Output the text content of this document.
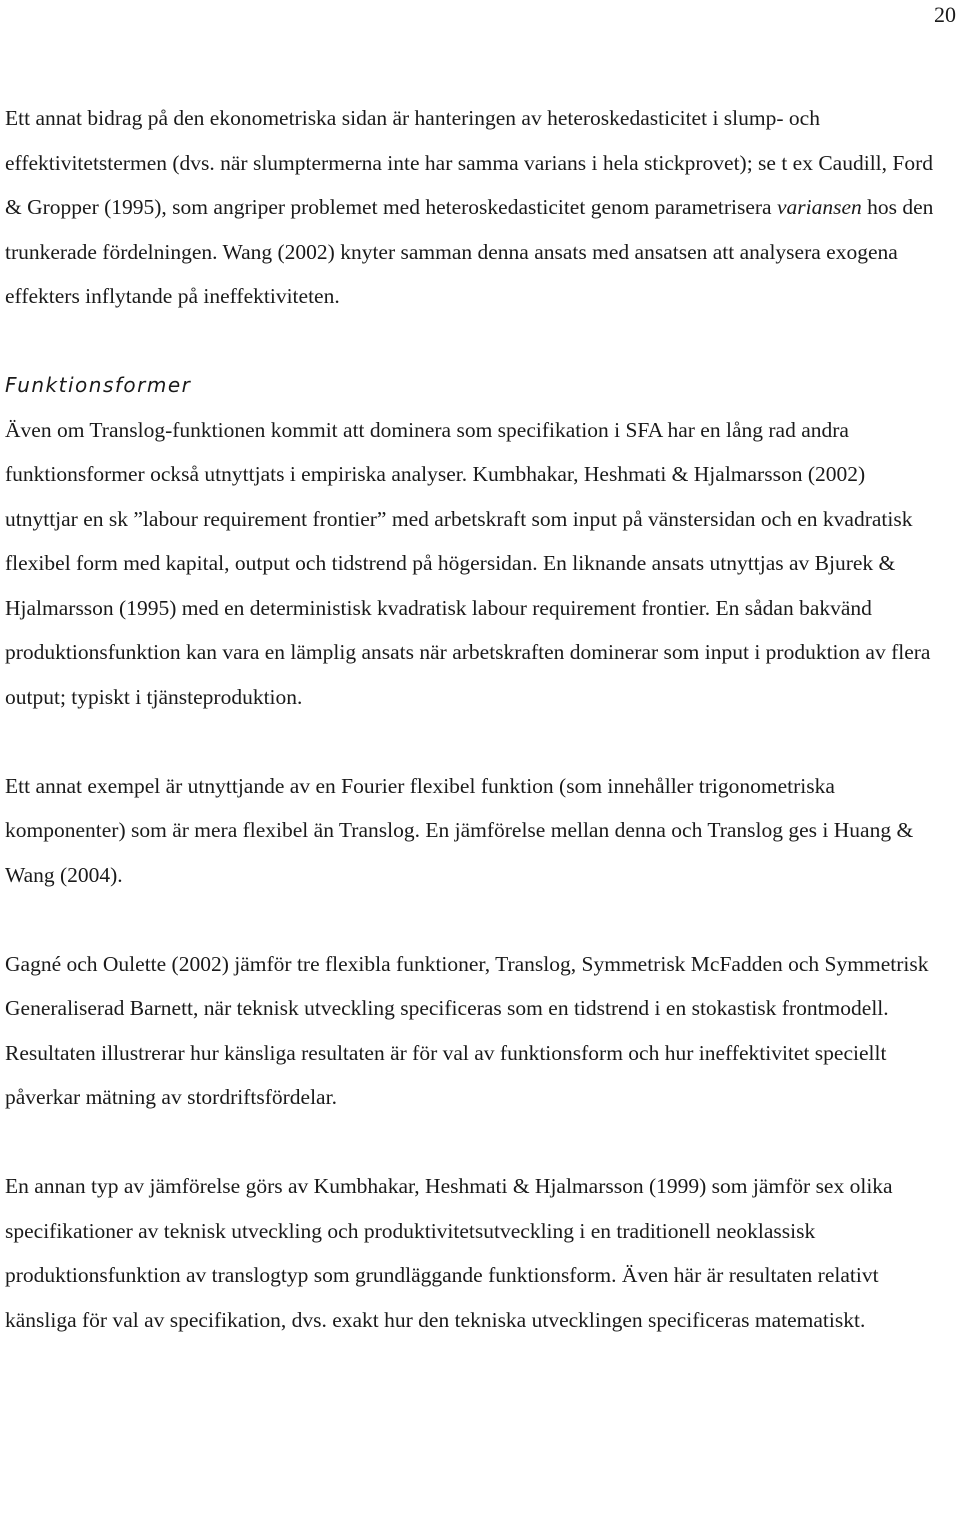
20

Ett annat bidrag på den ekonometriska sidan är hanteringen av heteroskedasticitet i slump- och effektivitetstermen (dvs. när slumptermerna inte har samma varians i hela stickprovet); se t ex Caudill, Ford & Gropper (1995), som angriper problemet med heteroskedasticitet genom parametrisera variansen hos den trunkerade fördelningen. Wang (2002) knyter samman denna ansats med ansatsen att analysera exogena effekters inflytande på ineffektiviteten.

Funktionsformer

Även om Translog-funktionen kommit att dominera som specifikation i SFA har en lång rad andra funktionsformer också utnyttjats i empiriska analyser. Kumbhakar, Heshmati & Hjalmarsson (2002) utnyttjar en sk ”labour requirement frontier” med arbetskraft som input på vänstersidan och en kvadratisk flexibel form med kapital, output och tidstrend på högersidan. En liknande ansats utnyttjas av Bjurek & Hjalmarsson (1995) med en deterministisk kvadratisk labour requirement frontier. En sådan bakvänd produktionsfunktion kan vara en lämplig ansats när arbetskraften dominerar som input i produktion av flera output; typiskt i tjänsteproduktion.

Ett annat exempel är utnyttjande av en Fourier flexibel funktion (som innehåller trigonometriska komponenter) som är mera flexibel än Translog. En jämförelse mellan denna och Translog ges i Huang & Wang (2004).

Gagné och Oulette (2002) jämför tre flexibla funktioner, Translog, Symmetrisk McFadden och Symmetrisk Generaliserad Barnett, när teknisk utveckling specificeras som en tidstrend i en stokastisk frontmodell. Resultaten illustrerar hur känsliga resultaten är för val av funktionsform och hur ineffektivitet speciellt påverkar mätning av stordriftsfördelar.

En annan typ av jämförelse görs av Kumbhakar, Heshmati & Hjalmarsson (1999) som jämför sex olika specifikationer av teknisk utveckling och produktivitetsutveckling i en traditionell neoklassisk produktionsfunktion av translogtyp som grundläggande funktionsform. Även här är resultaten relativt känsliga för val av specifikation, dvs. exakt hur den tekniska utvecklingen specificeras matematiskt.
